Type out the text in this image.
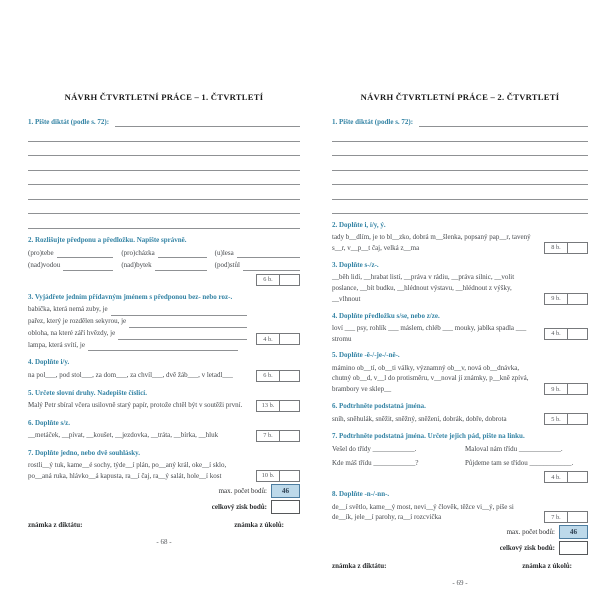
NÁVRH ČTVRTLETNÍ PRÁCE – 1. ČTVRTLETÍ
1. Pište diktát (podle s. 72):
2. Rozlišujte předponu a předložku. Napište správně.
(pro)tebe	(pro)cházka	(u)lesa
(nad)vodou	(nad)bytek	(pod)stůl
6 b.
3. Vyjádřete jedním přídavným jménem s předponou bez- nebo roz-.
babička, která nemá zuby, je
pařez, který je rozdělen sekyrou, je
obloha, na které září hvězdy, je
lampa, která svítí, je
4 b.
4. Doplňte i/y.
na pol___, pod stol___, za dom___, za chvíl___, dvě žáb___, v letadl___	6 b.
5. Určete slovní druhy. Nadepište číslicí.
Malý Petr sbíral včera usilovně starý papír, protože chtěl být v soutěži první.	13 b.
6. Doplňte s/z.
__metáček, __pívat, __koušet, __jezdovka, __tráta, __bírka, __hluk	7 b.
7. Doplňte jedno, nebo dvě souhlásky.
rostli__ý tuk, kame__é sochy, týde__í plán, po__aný král, oke__í sklo, po__aná ruka, hlávko__á kapusta, ra__í čaj, ra__ý salát, hole__í kost	10 b.
max. počet bodů:	46
celkový zisk bodů:
známka z diktátu:	známka z úkolů:
- 68 -
NÁVRH ČTVRTLETNÍ PRÁCE – 2. ČTVRTLETÍ
1. Pište diktát (podle s. 72):
2. Doplňte i, í/y, ý.
tady b__dlím, je to bl__zko, dobrá m__šlenka, popsaný pap__r, tavený s__r, v__p__t čaj, velká z__ma	8 b.
3. Doplňte s-/z-.
__běh lidí, __hrabat listí, __práva v rádiu, __práva silnic, __volit poslance, __bít budku, __hlédnout výstavu, __hlédnout z výšky, __vlhnout	9 b.
4. Doplňte předložku s/se, nebo z/ze.
loví ___ psy, rohlík ___ máslem, chléb ___ mouky, jablka spadla ___ stromu
4 b.
5. Doplňte -ě-/-je-/-ně-.
mámino ob__tí, ob__ti války, významný ob__v, nová ob__dnávka, chutný ob__d, v__l do protisměru, v__noval jí známky, p__kně zpívá, brambory ve sklep__	9 b.
6. Podtrhněte podstatná jména.
sníh, sněhulák, sněžit, sněžný, sněžení, dobrák, dobře, dobrota	5 b.
7. Podtrhněte podstatná jména. Určete jejich pád, pište na linku.
Vešel do třídy ____________.	Maloval nám třídu ____________.
Kde máš třídu ____________?	Půjdeme tam se třídou ____________.
4 b.
8. Doplňte -n-/-nn-.
de__í světlo, kame__ý most, nevi__ý člověk, těžce vi__ý, píše si de__ík, jele__í parohy, ra__í rozcvička	7 b.
max. počet bodů:	46
celkový zisk bodů:
známka z diktátu:	známka z úkolů:
- 69 -
